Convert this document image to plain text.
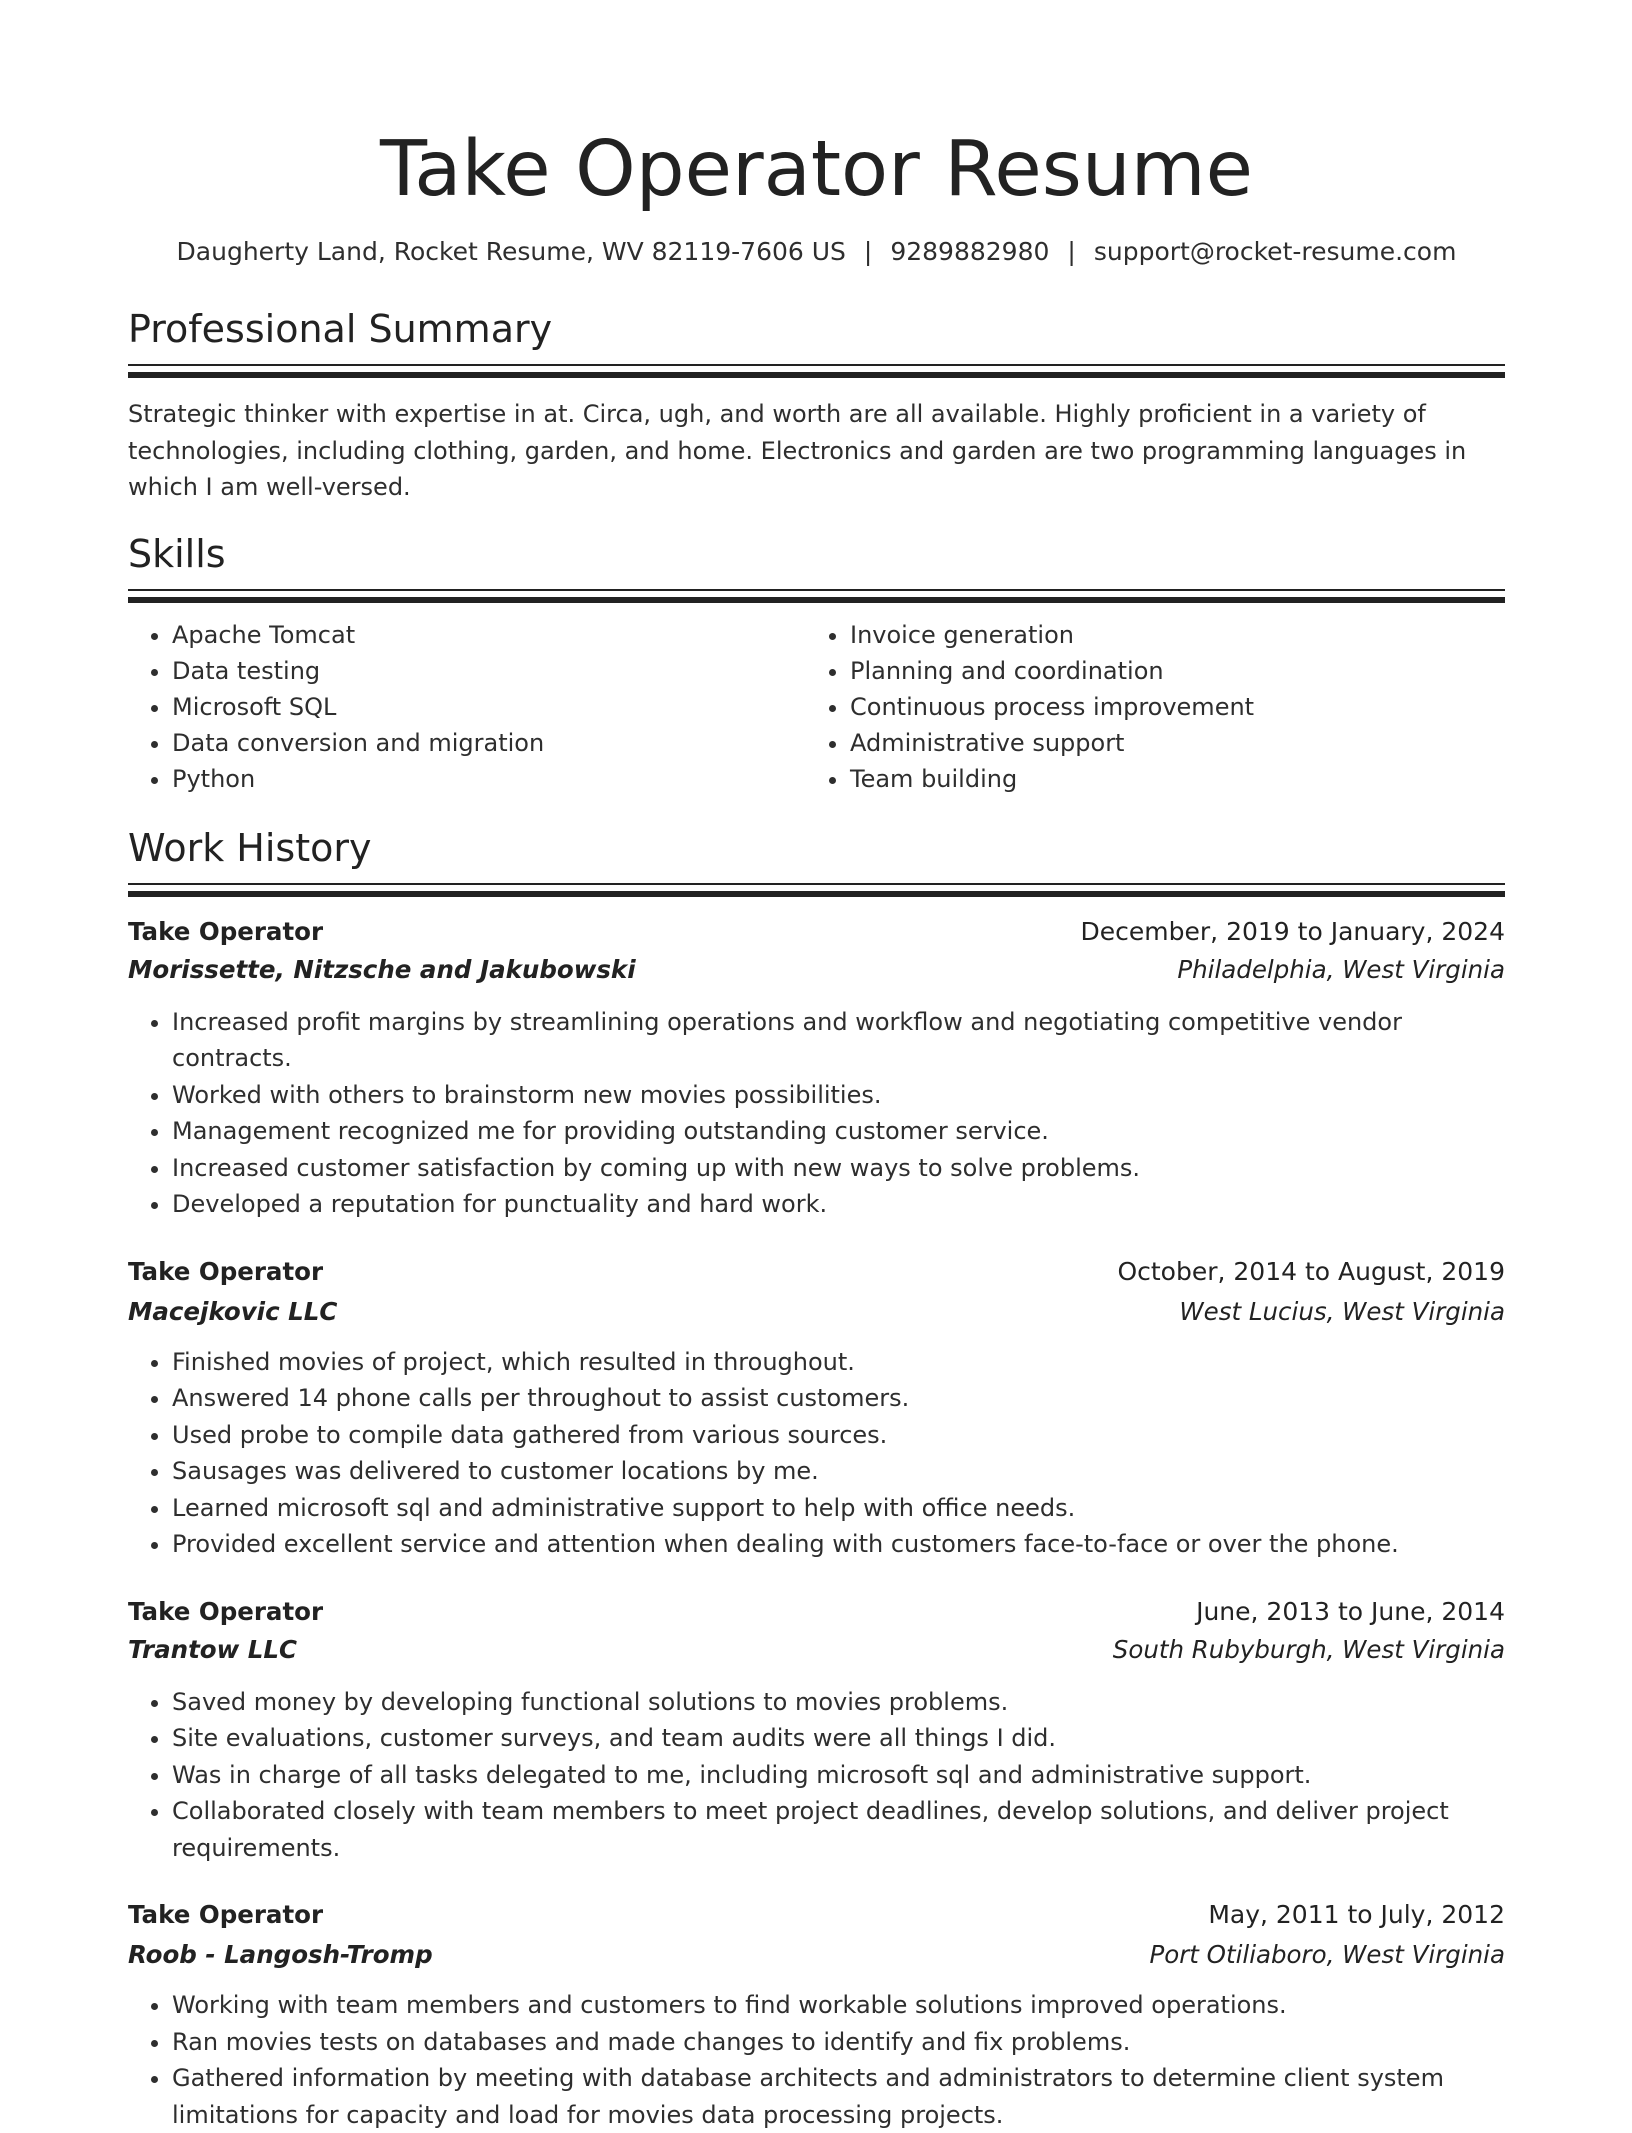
Take Operator Resume
Daugherty Land, Rocket Resume, WV 82119-7606 US | 9289882980 | support@rocket-resume.com
Professional Summary

Strategic thinker with expertise in at. Circa, ugh, and worth are all available. Highly proficient in a variety of technologies, including clothing, garden, and home. Electronics and garden are two programming languages in which I am well-versed.

Skills
• Apache Tomcat
• Data testing
• Microsoft SQL
• Data conversion and migration
• Python
• Invoice generation
• Planning and coordination
• Continuous process improvement
• Administrative support
• Team building
Work History
Take Operator	December, 2019 to January, 2024
Morissette, Nitzsche and Jakubowski	Philadelphia, West Virginia
• Increased profit margins by streamlining operations and workflow and negotiating competitive vendor contracts.
• Worked with others to brainstorm new movies possibilities.
• Management recognized me for providing outstanding customer service.
• Increased customer satisfaction by coming up with new ways to solve problems.
• Developed a reputation for punctuality and hard work.
Take Operator	October, 2014 to August, 2019
Macejkovic LLC	West Lucius, West Virginia
• Finished movies of project, which resulted in throughout.
• Answered 14 phone calls per throughout to assist customers.
• Used probe to compile data gathered from various sources.
• Sausages was delivered to customer locations by me.
• Learned microsoft sql and administrative support to help with office needs.
• Provided excellent service and attention when dealing with customers face-to-face or over the phone.
Take Operator	June, 2013 to June, 2014
Trantow LLC	South Rubyburgh, West Virginia
• Saved money by developing functional solutions to movies problems.
• Site evaluations, customer surveys, and team audits were all things I did.
• Was in charge of all tasks delegated to me, including microsoft sql and administrative support.
• Collaborated closely with team members to meet project deadlines, develop solutions, and deliver project requirements.
Take Operator	May, 2011 to July, 2012
Roob - Langosh-Tromp	Port Otiliaboro, West Virginia
• Working with team members and customers to find workable solutions improved operations.
• Ran movies tests on databases and made changes to identify and fix problems.
• Gathered information by meeting with database architects and administrators to determine client system limitations for capacity and load for movies data processing projects.
